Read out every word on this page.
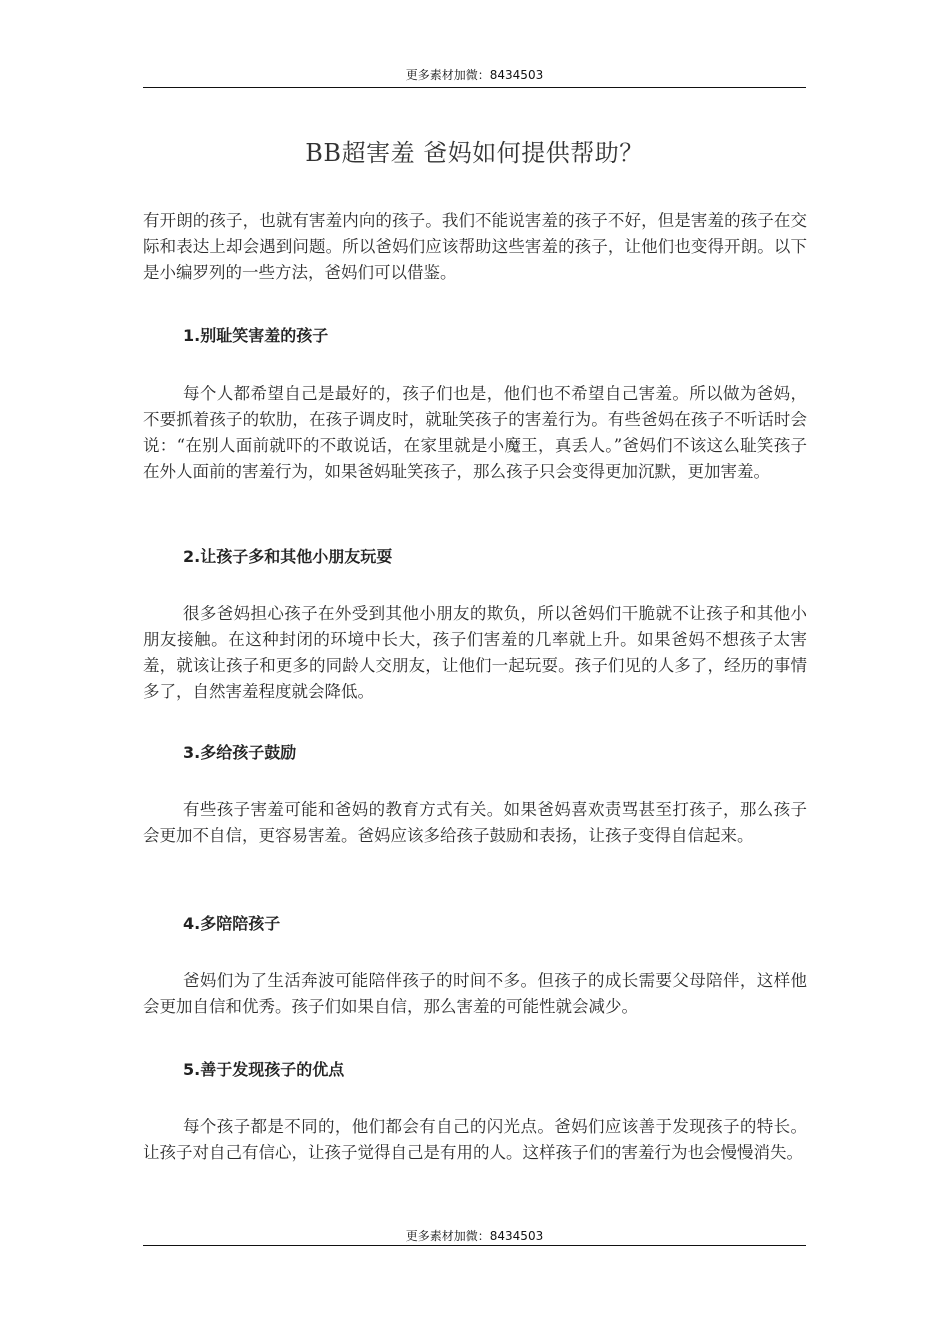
更多素材加微：8434503
BB超害羞 爸妈如何提供帮助？

有开朗的孩子，也就有害羞内向的孩子。我们不能说害羞的孩子不好，但是害羞的孩子在交际和表达上却会遇到问题。所以爸妈们应该帮助这些害羞的孩子，让他们也变得开朗。以下是小编罗列的一些方法，爸妈们可以借鉴。

1.别耻笑害羞的孩子

每个人都希望自己是最好的，孩子们也是，他们也不希望自己害羞。所以做为爸妈，不要抓着孩子的软肋，在孩子调皮时，就耻笑孩子的害羞行为。有些爸妈在孩子不听话时会说：“在别人面前就吓的不敢说话，在家里就是小魔王，真丢人。”爸妈们不该这么耻笑孩子在外人面前的害羞行为，如果爸妈耻笑孩子，那么孩子只会变得更加沉默，更加害羞。

2.让孩子多和其他小朋友玩耍

很多爸妈担心孩子在外受到其他小朋友的欺负，所以爸妈们干脆就不让孩子和其他小朋友接触。在这种封闭的环境中长大，孩子们害羞的几率就上升。如果爸妈不想孩子太害羞，就该让孩子和更多的同龄人交朋友，让他们一起玩耍。孩子们见的人多了，经历的事情多了，自然害羞程度就会降低。

3.多给孩子鼓励

有些孩子害羞可能和爸妈的教育方式有关。如果爸妈喜欢责骂甚至打孩子，那么孩子会更加不自信，更容易害羞。爸妈应该多给孩子鼓励和表扬，让孩子变得自信起来。

4.多陪陪孩子

爸妈们为了生活奔波可能陪伴孩子的时间不多。但孩子的成长需要父母陪伴，这样他会更加自信和优秀。孩子们如果自信，那么害羞的可能性就会减少。

5.善于发现孩子的优点

每个孩子都是不同的，他们都会有自己的闪光点。爸妈们应该善于发现孩子的特长。让孩子对自己有信心，让孩子觉得自己是有用的人。这样孩子们的害羞行为也会慢慢消失。

更多素材加微：8434503
